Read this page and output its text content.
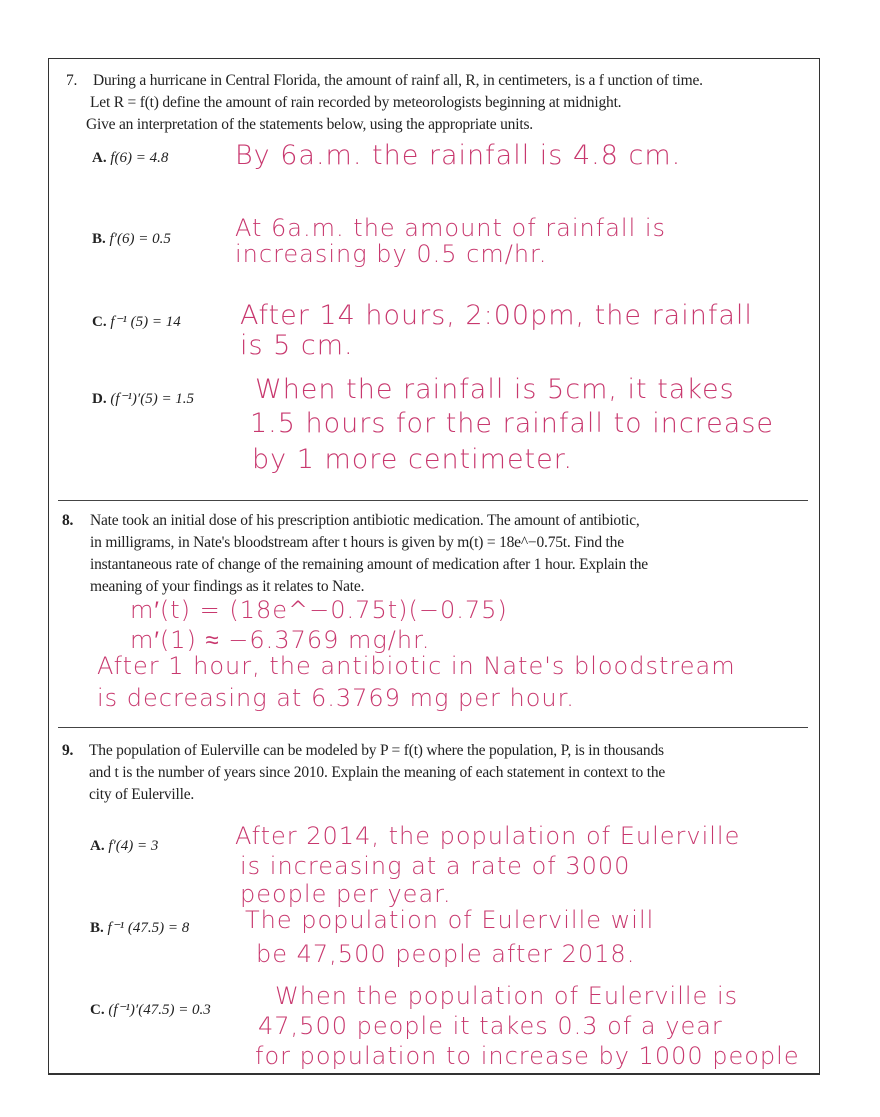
7. During a hurricane in Central Florida, the amount of rainf all, R, in centimeters, is a f unction of time.
Let R = f(t) define the amount of rain recorded by meteorologists beginning at midnight.
Give an interpretation of the statements below, using the appropriate units.
A. f(6) = 4.8 By 6a.m. the rainfall is 4.8 cm.
B. f′(6) = 0.5	At 6a.m. the amount of rainfall is
increasing by 0.5 cm/hr.
C. f⁻¹ (5) = 14 After 14 hours, 2:00pm, the rainfall
is 5 cm.
D. (f⁻¹)′(5) = 1.5 When the rainfall is 5cm, it takes
1.5 hours for the rainfall to increase
by 1 more centimeter.
8. Nate took an initial dose of his prescription antibiotic medication. The amount of antibiotic,
in milligrams, in Nate's bloodstream after t hours is given by m(t) = 18e^−0.75t. Find the
instantaneous rate of change of the remaining amount of medication after 1 hour. Explain the
meaning of your findings as it relates to Nate.
m′(t) = (18e^−0.75t)(−0.75)
m′(1) ≈ −6.3769 mg/hr.
After 1 hour, the antibiotic in Nate's bloodstream
is decreasing at 6.3769 mg per hour.
9. The population of Eulerville can be modeled by P = f(t) where the population, P, is in thousands
and t is the number of years since 2010. Explain the meaning of each statement in context to the
city of Eulerville.
A. f′(4) = 3	After 2014, the population of Eulerville
is increasing at a rate of 3000
people per year.
B. f⁻¹ (47.5) = 8 The population of Eulerville will
be 47,500 people after 2018.
C. (f⁻¹)′(47.5) = 0.3	When the population of Eulerville is
47,500 people it takes 0.3 of a year
for population to increase by 1000 people
